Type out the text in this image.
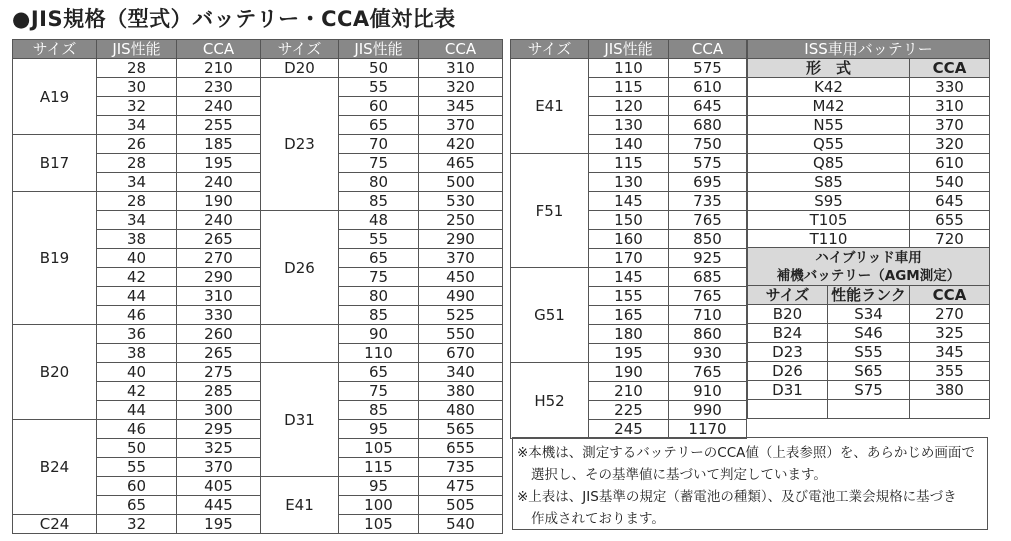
●JIS規格（型式）バッテリー・CCA値対比表
サイズ	JIS性能	CCA
A19	28	210
	30	230
	32	240
	34	255
B17	26	185
	28	195
	34	240
B19	28	190
	34	240
	38	265
	40	270
	42	290
	44	310
	46	330
B20	36	260
	38	265
	40	275
	42	285
	44	300
B24	46	295
	50	325
	55	370
	60	405
	65	445
C24	32	195
サイズ	JIS性能	CCA
D20	50	310
D23	55	320
	60	345
	65	370
	70	420
	75	465
	80	500
	85	530
D26	48	250
	55	290
	65	370
	75	450
	80	490
	85	525
	90	550
	110	670
D31	65	340
	75	380
	85	480
	95	565
	105	655
	115	735
E41	95	475
	100	505
	105	540
サイズ	JIS性能	CCA
E41	110	575
	115	610
	120	645
	130	680
	140	750
F51	115	575
	130	695
	145	735
	150	765
	160	850
	170	925
G51	145	685
	155	765
	165	710
	180	860
	195	930
H52	190	765
	210	910
	225	990
	245	1170
ISS車用バッテリー	
形　式	CCA
K42	330
M42	310
N55	370
Q55	320
Q85	610
S85	540
S95	645
T105	655
T110	720
ハイブリッド車用
補機バッテリー（AGM測定）		
サイズ	性能ランク	CCA
B20	S34	270
B24	S46	325
D23	S55	345
D26	S65	355
D31	S75	380

※本機は、測定するバッテリーのCCA値（上表参照）を、あらかじめ画面で

選択し、その基準値に基づいて判定しています。

※上表は、JIS基準の規定（蓄電池の種類）、及び電池工業会規格に基づき

作成されております。
